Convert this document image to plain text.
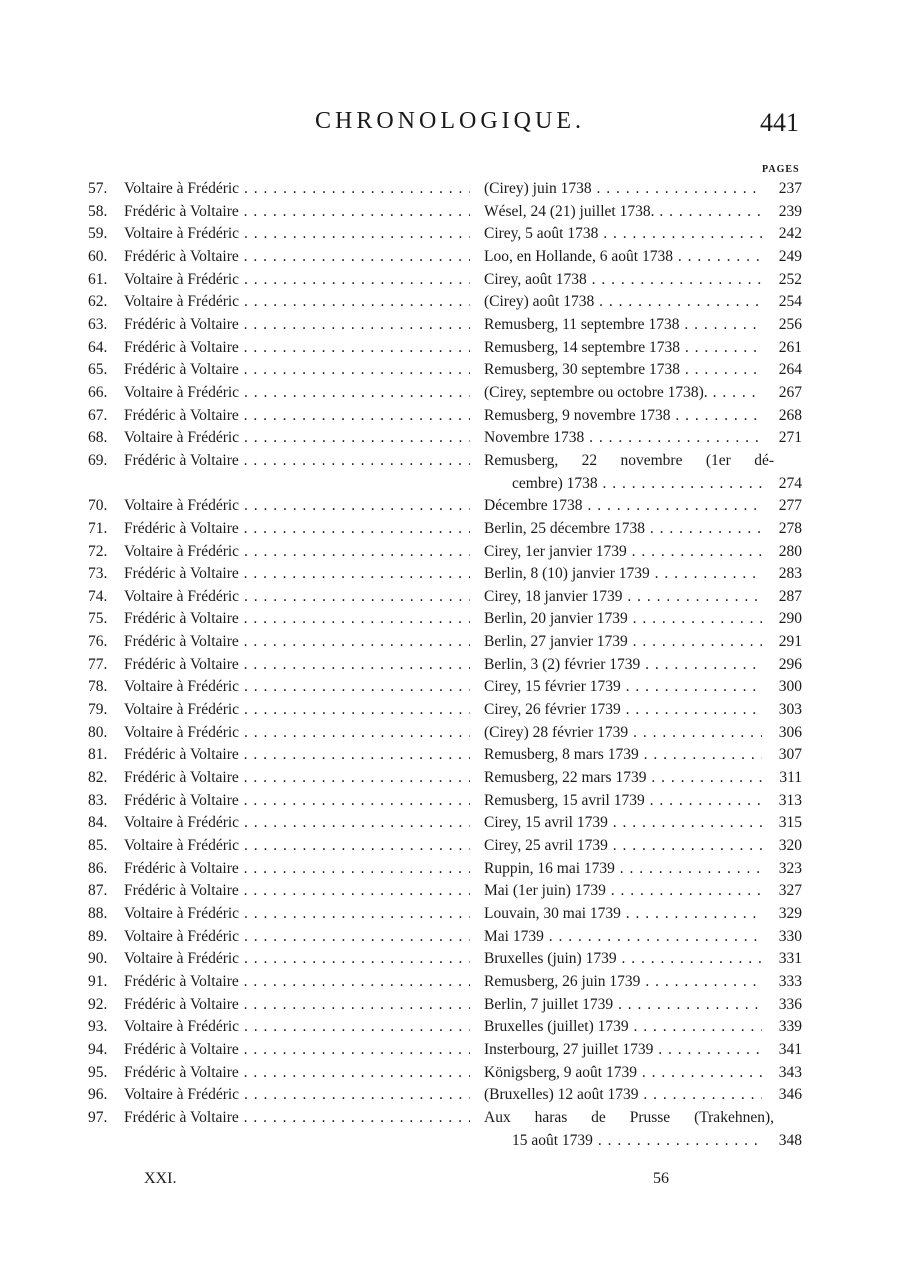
CHRONOLOGIQUE.	441
PAGES
57.	Voltaire à Frédéric . . .	(Cirey) juin 1738 . . .	237
58.	Frédéric à Voltaire . . .	Wésel, 24 (21) juillet 1738. . . .	239
59.	Voltaire à Frédéric . . .	Cirey, 5 août 1738 . . .	242
60.	Frédéric à Voltaire . . .	Loo, en Hollande, 6 août 1738 . . .	249
61.	Voltaire à Frédéric . . .	Cirey, août 1738 . . .	252
62.	Voltaire à Frédéric . . .	(Cirey) août 1738 . . .	254
63.	Frédéric à Voltaire . . .	Remusberg, 11 septembre 1738 . . .	256
64.	Frédéric à Voltaire . . .	Remusberg, 14 septembre 1738 . . .	261
65.	Frédéric à Voltaire . . .	Remusberg, 30 septembre 1738 . . .	264
66.	Voltaire à Frédéric . . .	(Cirey, septembre ou octobre 1738). . . .	267
67.	Frédéric à Voltaire . . .	Remusberg, 9 novembre 1738 . . .	268
68.	Voltaire à Frédéric . . .	Novembre 1738 . . .	271
69.	Frédéric à Voltaire . . .	Remusberg, 22 novembre (1er dé-
cembre) 1738 . . .	274
70.	Voltaire à Frédéric . . .	Décembre 1738 . . .	277
71.	Frédéric à Voltaire . . .	Berlin, 25 décembre 1738 . . .	278
72.	Voltaire à Frédéric . . .	Cirey, 1er janvier 1739 . . .	280
73.	Frédéric à Voltaire . . .	Berlin, 8 (10) janvier 1739 . . .	283
74.	Voltaire à Frédéric . . .	Cirey, 18 janvier 1739 . . .	287
75.	Frédéric à Voltaire . . .	Berlin, 20 janvier 1739 . . .	290
76.	Frédéric à Voltaire . . .	Berlin, 27 janvier 1739 . . .	291
77.	Frédéric à Voltaire . . .	Berlin, 3 (2) février 1739 . . .	296
78.	Voltaire à Frédéric . . .	Cirey, 15 février 1739 . . .	300
79.	Voltaire à Frédéric . . .	Cirey, 26 février 1739 . . .	303
80.	Voltaire à Frédéric . . .	(Cirey) 28 février 1739 . . .	306
81.	Frédéric à Voltaire . . .	Remusberg, 8 mars 1739 . . .	307
82.	Frédéric à Voltaire . . .	Remusberg, 22 mars 1739 . . .	311
83.	Frédéric à Voltaire . . .	Remusberg, 15 avril 1739 . . .	313
84.	Voltaire à Frédéric . . .	Cirey, 15 avril 1739 . . .	315
85.	Voltaire à Frédéric . . .	Cirey, 25 avril 1739 . . .	320
86.	Frédéric à Voltaire . . .	Ruppin, 16 mai 1739 . . .	323
87.	Frédéric à Voltaire . . .	Mai (1er juin) 1739 . . .	327
88.	Voltaire à Frédéric . . .	Louvain, 30 mai 1739 . . .	329
89.	Voltaire à Frédéric . . .	Mai 1739 . . .	330
90.	Voltaire à Frédéric . . .	Bruxelles (juin) 1739 . . .	331
91.	Frédéric à Voltaire . . .	Remusberg, 26 juin 1739 . . .	333
92.	Frédéric à Voltaire . . .	Berlin, 7 juillet 1739 . . .	336
93.	Voltaire à Frédéric . . .	Bruxelles (juillet) 1739 . . .	339
94.	Frédéric à Voltaire . . .	Insterbourg, 27 juillet 1739 . . .	341
95.	Frédéric à Voltaire . . .	Königsberg, 9 août 1739 . . .	343
96.	Voltaire à Frédéric . . .	(Bruxelles) 12 août 1739 . . .	346
97.	Frédéric à Voltaire . . .	Aux haras de Prusse (Trakehnen),
15 août 1739 . . .	348
XXI.	56
